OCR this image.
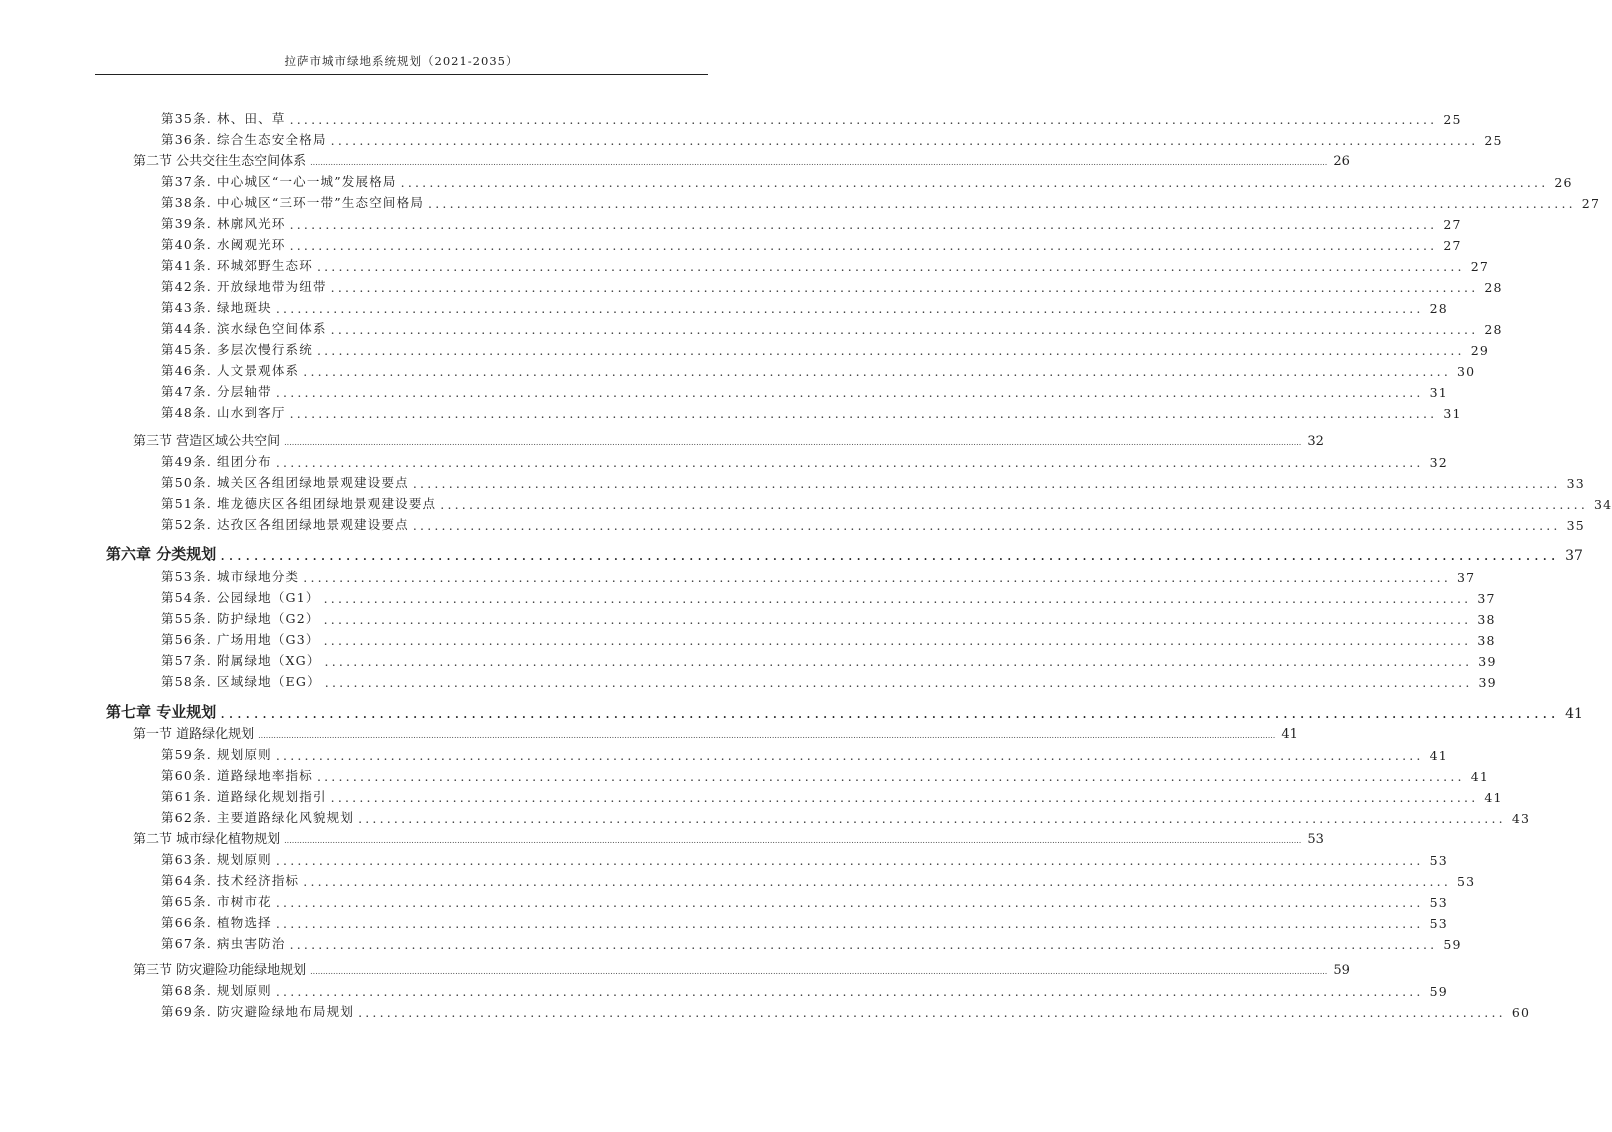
拉萨市城市绿地系统规划（2021-2035）
第35条. 林、田、草 ................................................................................................................................................................ 25
第36条. 综合生态安全格局 ................................................................................................................................................................ 25
第二节 公共交往生态空间体系 ................................................................................................................................................................................................................................................................................................................................................................................................................ 26
第37条. 中心城区“一心一城”发展格局 ................................................................................................................................................................ 26
第38条. 中心城区“三环一带”生态空间格局 ................................................................................................................................................................ 27
第39条. 林廓风光环 ................................................................................................................................................................ 27
第40条. 水阈观光环 ................................................................................................................................................................ 27
第41条. 环城郊野生态环 ................................................................................................................................................................ 27
第42条. 开放绿地带为纽带 ................................................................................................................................................................ 28
第43条. 绿地斑块 ................................................................................................................................................................ 28
第44条. 滨水绿色空间体系 ................................................................................................................................................................ 28
第45条. 多层次慢行系统 ................................................................................................................................................................ 29
第46条. 人文景观体系 ................................................................................................................................................................ 30
第47条. 分层轴带 ................................................................................................................................................................ 31
第48条. 山水到客厅 ................................................................................................................................................................ 31
第三节 营造区域公共空间 ................................................................................................................................................................................................................................................................................................................................................................................................................ 32
第49条. 组团分布 ................................................................................................................................................................ 32
第50条. 城关区各组团绿地景观建设要点 ................................................................................................................................................................ 33
第51条. 堆龙德庆区各组团绿地景观建设要点 ................................................................................................................................................................ 34
第52条. 达孜区各组团绿地景观建设要点 ................................................................................................................................................................ 35
第六章 分类规划 ................................................................................................................................................................ 37
第53条. 城市绿地分类 ................................................................................................................................................................ 37
第54条. 公园绿地（G1） ................................................................................................................................................................ 37
第55条. 防护绿地（G2） ................................................................................................................................................................ 38
第56条. 广场用地（G3） ................................................................................................................................................................ 38
第57条. 附属绿地（XG） ................................................................................................................................................................ 39
第58条. 区域绿地（EG） ................................................................................................................................................................ 39
第七章 专业规划 ................................................................................................................................................................ 41
第一节 道路绿化规划 ................................................................................................................................................................................................................................................................................................................................................................................................................ 41
第59条. 规划原则 ................................................................................................................................................................ 41
第60条. 道路绿地率指标 ................................................................................................................................................................ 41
第61条. 道路绿化规划指引 ................................................................................................................................................................ 41
第62条. 主要道路绿化风貌规划 ................................................................................................................................................................ 43
第二节 城市绿化植物规划 ................................................................................................................................................................................................................................................................................................................................................................................................................ 53
第63条. 规划原则 ................................................................................................................................................................ 53
第64条. 技术经济指标 ................................................................................................................................................................ 53
第65条. 市树市花 ................................................................................................................................................................ 53
第66条. 植物选择 ................................................................................................................................................................ 53
第67条. 病虫害防治 ................................................................................................................................................................ 59
第三节 防灾避险功能绿地规划 ................................................................................................................................................................................................................................................................................................................................................................................................................ 59
第68条. 规划原则 ................................................................................................................................................................ 59
第69条. 防灾避险绿地布局规划 ................................................................................................................................................................ 60
